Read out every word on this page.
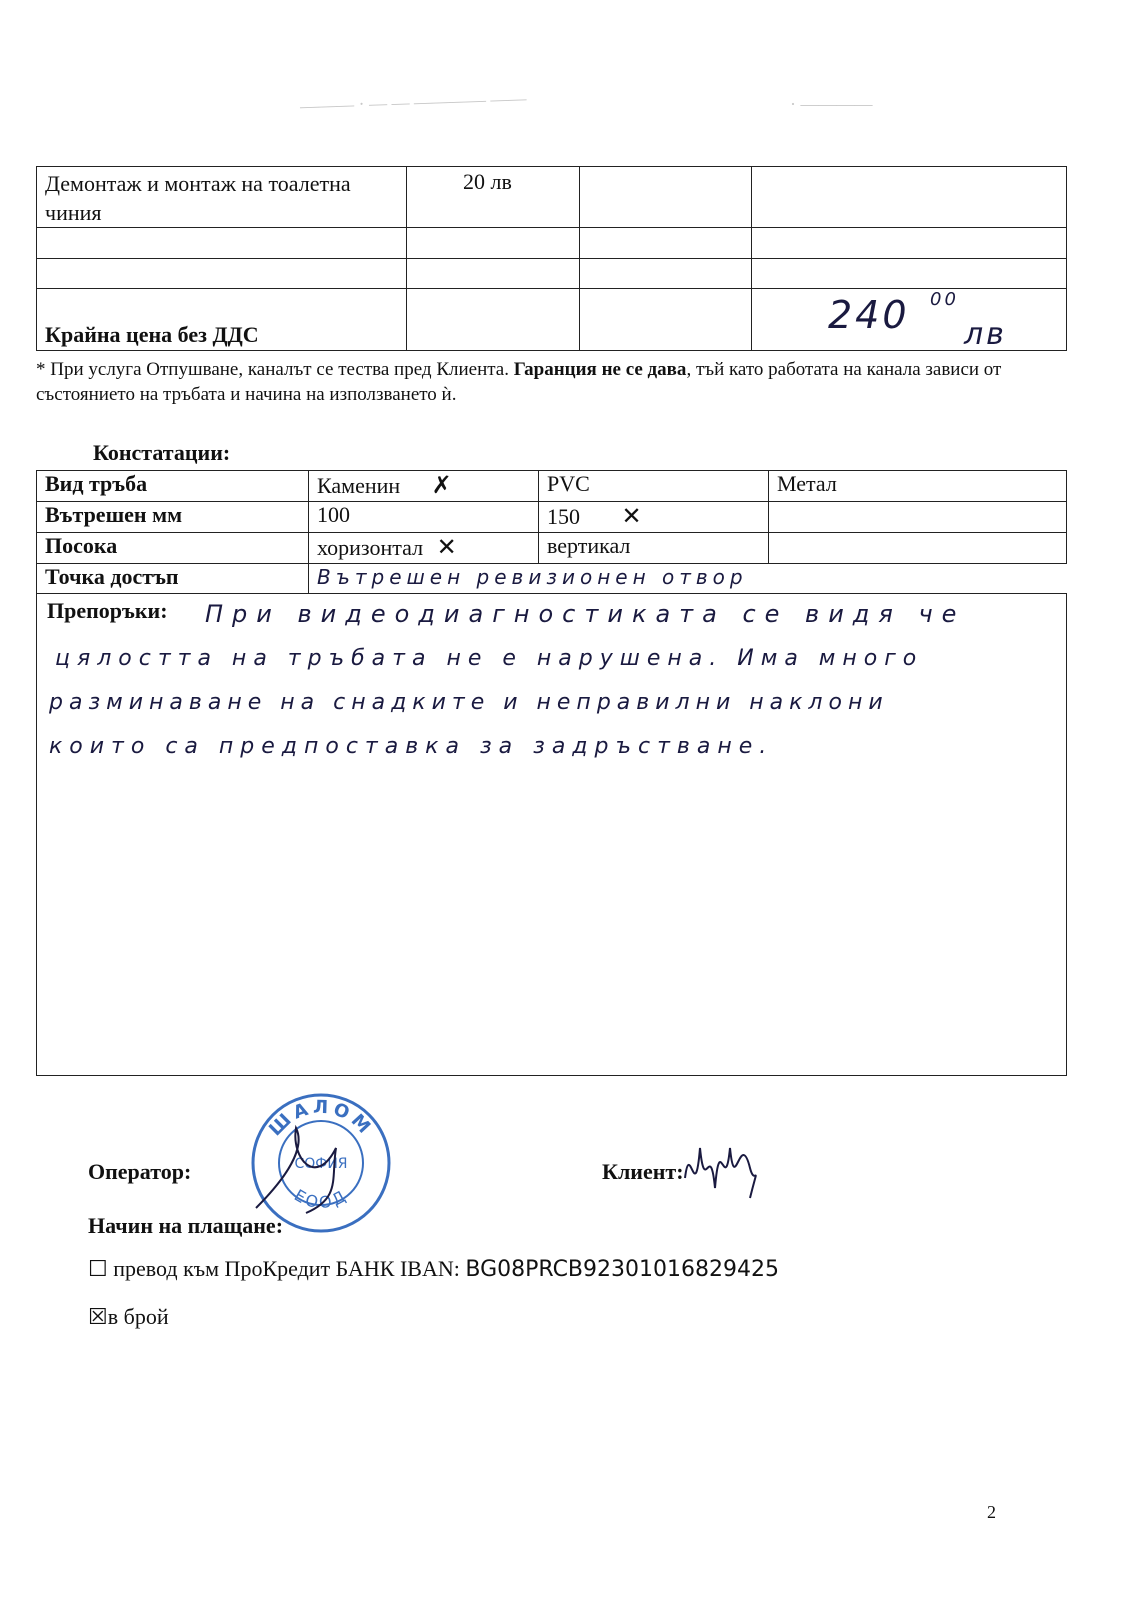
——— · — — ———— ——	· ————
Демонтаж и монтаж на тоалетна чиния	20 лв		

Крайна цена без ДДС			240 00
лв
* При услуга Отпушване, каналът се тества пред Клиента. Гаранция не се дава, тъй като работата на канала зависи от състоянието на тръбата и начина на използването ѝ.
Констатации:
Вид тръба	Каменин ✗	PVC	Метал
Вътрешен мм	100	150 ✕	
Посока	хоризонтал ✕	вертикал	
Точка достъп	Вътрешен ревизионен отвор		

Препоръки: При видеодиагностиката се видя че
цялостта на тръбата не е нарушена. Има много
разминаване на снадките и неправилни наклони
които са предпоставка за задръстване.			
Оператор:
ШАЛОМ
СОФИЯ
ЕООД
Клиент:
Начин на плащане:
☐ превод към ПроКредит БАНК IBAN: BG08PRCB92301016829425
☒в брой
2
